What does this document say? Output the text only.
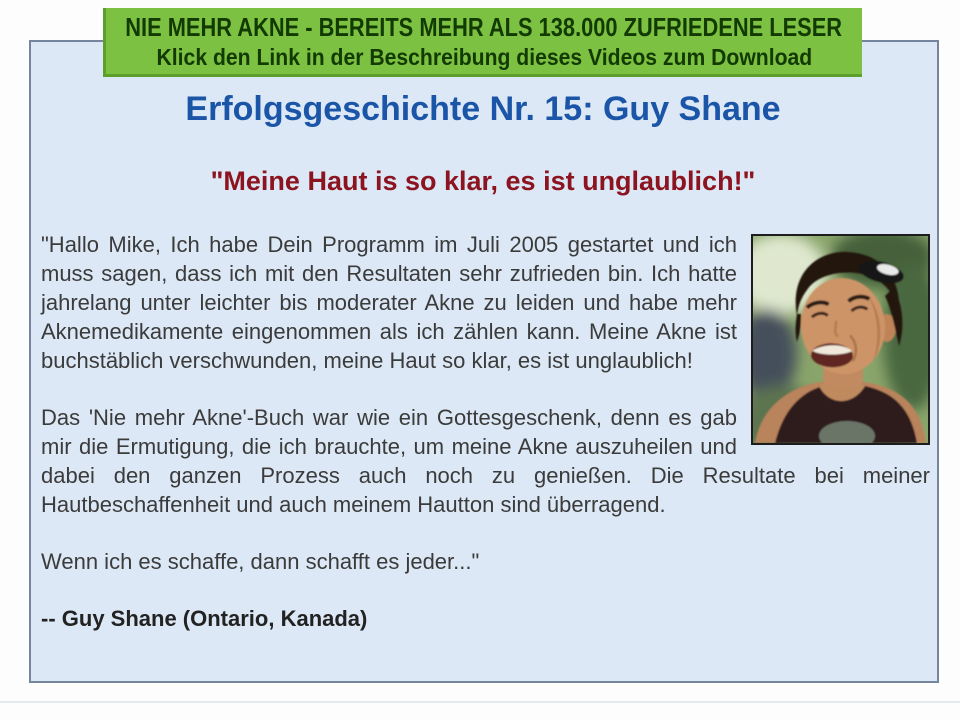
NIE MEHR AKNE - BEREITS MEHR ALS 138.000 ZUFRIEDENE LESER
Klick den Link in der Beschreibung dieses Videos zum Download
Erfolgsgeschichte Nr. 15: Guy Shane
"Meine Haut is so klar, es ist unglaublich!"

"Hallo Mike, Ich habe Dein Programm im Juli 2005 gestartet und ich muss sagen, dass ich mit den Resultaten sehr zufrieden bin. Ich hatte jahrelang unter leichter bis moderater Akne zu leiden und habe mehr Aknemedikamente eingenommen als ich zählen kann. Meine Akne ist buchstäblich verschwunden, meine Haut so klar, es ist unglaublich!

Das 'Nie mehr Akne'-Buch war wie ein Gottesgeschenk, denn es gab mir die Ermutigung, die ich brauchte, um meine Akne auszuheilen und dabei den ganzen Prozess auch noch zu genießen. Die Resultate bei meiner Hautbeschaffenheit und auch meinem Hautton sind überragend.

Wenn ich es schaffe, dann schafft es jeder..."

-- Guy Shane (Ontario, Kanada)
